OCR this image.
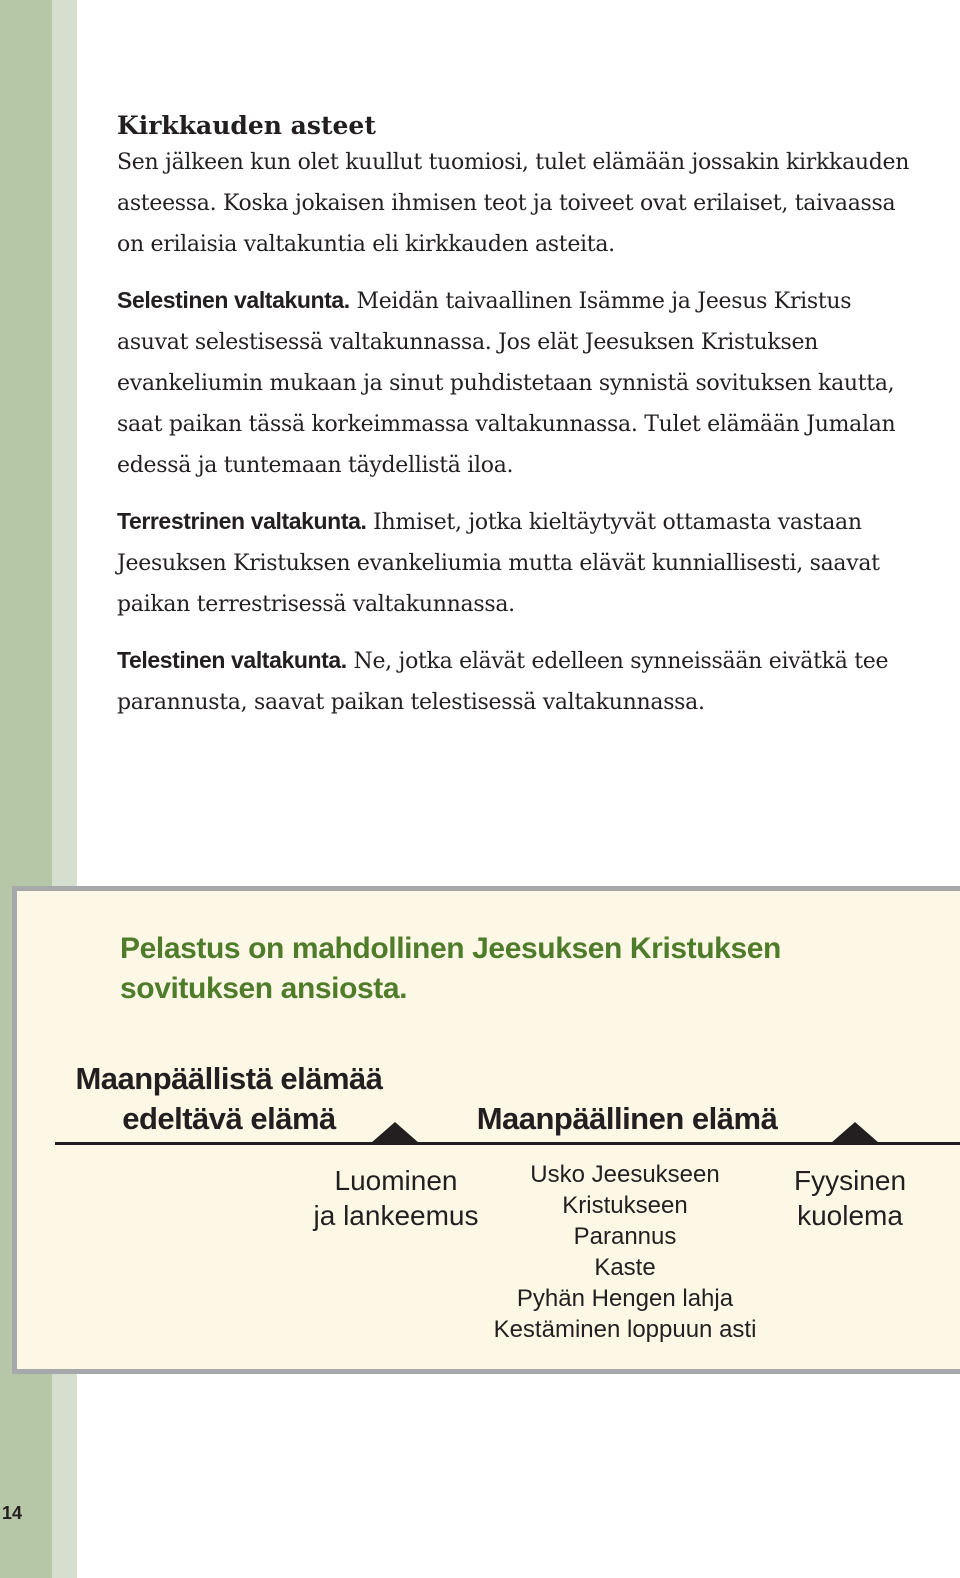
Kirkkauden asteet

Sen jälkeen kun olet kuullut tuomiosi, tulet elämään jossakin kirkkauden asteessa. Koska jokaisen ihmisen teot ja toiveet ovat erilaiset, taivaassa on erilaisia valtakuntia eli kirkkauden asteita.

Selestinen valtakunta. Meidän taivaallinen Isämme ja Jeesus Kristus asuvat selestisessä valtakunnassa. Jos elät Jeesuksen Kristuksen evankeliumin mukaan ja sinut puhdistetaan synnistä sovituksen kautta, saat paikan tässä korkeimmassa valtakunnassa. Tulet elämään Jumalan edessä ja tuntemaan täydellistä iloa.

Terrestrinen valtakunta. Ihmiset, jotka kieltäytyvät ottamasta vastaan Jeesuksen Kristuksen evankeliumia mutta elävät kunniallisesti, saavat paikan terrestrisessä valtakunnassa.

Telestinen valtakunta. Ne, jotka elävät edelleen synneissään eivätkä tee parannusta, saavat paikan telestisessä valtakunnassa.

Pelastus on mahdollinen Jeesuksen Kristuksen sovituksen ansiosta.
Maanpäällistä elämää
edeltävä elämä	Maanpäällinen elämä
Luominen
ja lankeemus
Usko Jeesukseen
Kristukseen
Parannus
Kaste
Pyhän Hengen lahja
Kestäminen loppuun asti
Fyysinen
kuolema
14
